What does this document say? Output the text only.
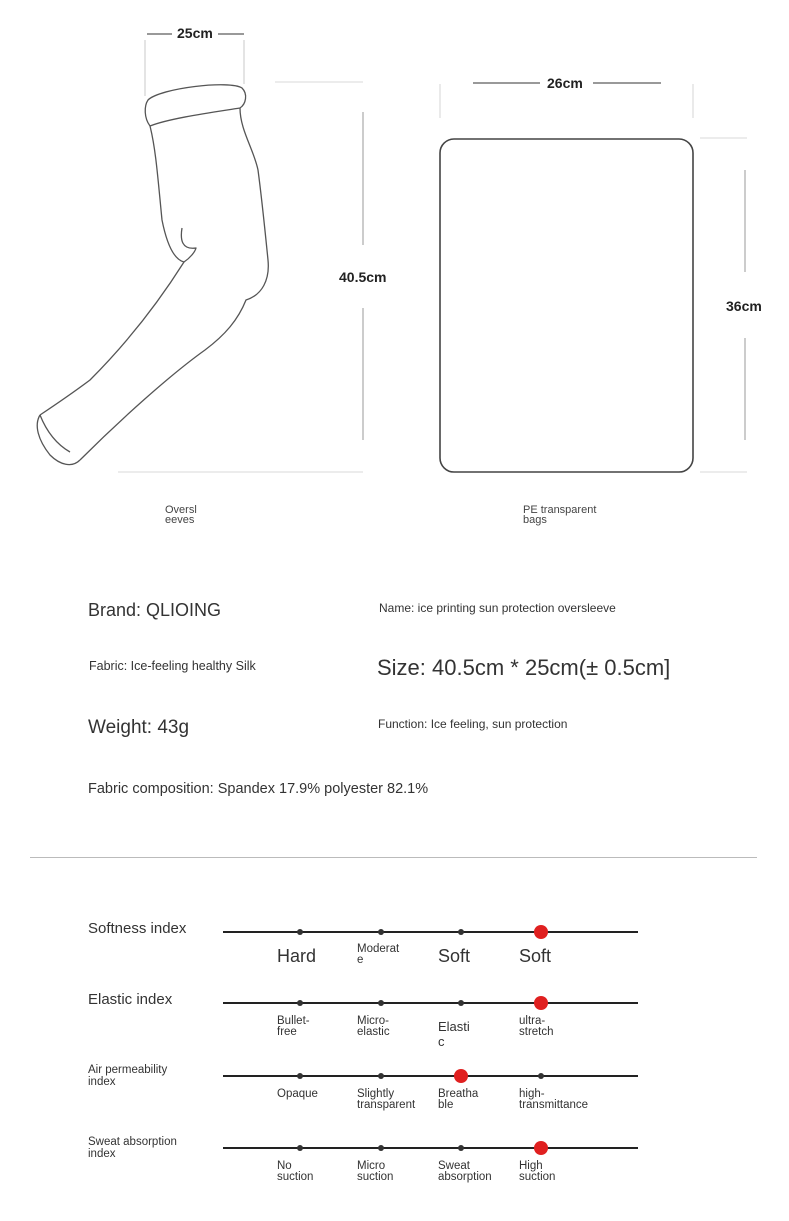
25cm
40.5cm
Oversl
eeves
26cm
36cm
PE transparent
bags
Brand: QLIOING	Name: ice printing sun protection oversleeve
Fabric: Ice-feeling healthy Silk	Size: 40.5cm * 25cm(± 0.5cm]
Weight: 43g	Function: Ice feeling, sun protection
Fabric composition: Spandex 17.9% polyester 82.1%
Softness index
Hard	Moderat
e	Soft	Soft
Elastic index
Bullet-
free
Micro-
elastic	Elasti
c
ultra-
stretch
Air permeability
index
Opaque	Slightly
transparent
Breatha
ble
high-
transmittance
Sweat absorption
index
No
suction
Micro
suction
Sweat
absorption
High
suction
